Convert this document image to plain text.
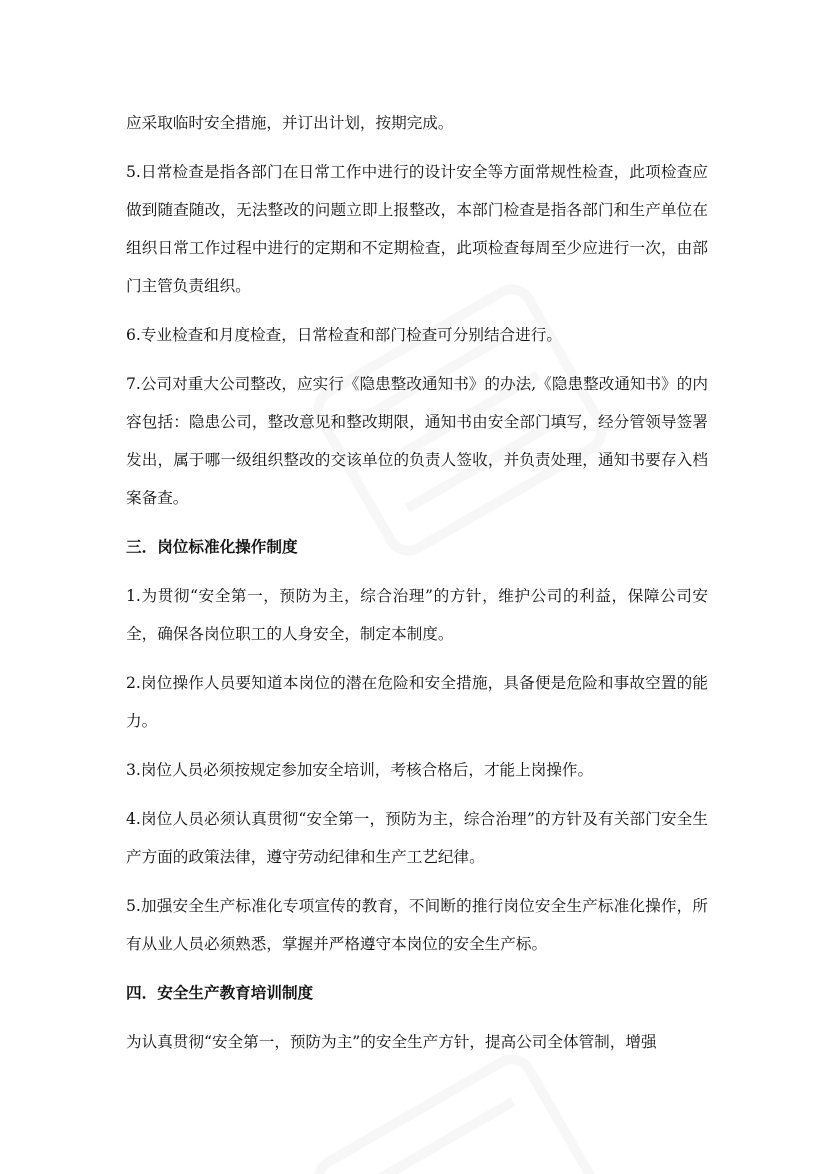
应采取临时安全措施，并订出计划，按期完成。

5.日常检查是指各部门在日常工作中进行的设计安全等方面常规性检查，此项检查应做到随查随改，无法整改的问题立即上报整改，本部门检查是指各部门和生产单位在组织日常工作过程中进行的定期和不定期检查，此项检查每周至少应进行一次，由部门主管负责组织。

6.专业检查和月度检查，日常检查和部门检查可分别结合进行。

7.公司对重大公司整改，应实行《隐患整改通知书》的办法,《隐患整改通知书》的内容包括：隐患公司，整改意见和整改期限，通知书由安全部门填写，经分管领导签署发出，属于哪一级组织整改的交该单位的负责人签收，并负责处理，通知书要存入档案备查。

三．岗位标准化操作制度

1.为贯彻“安全第一，预防为主，综合治理”的方针，维护公司的利益，保障公司安全，确保各岗位职工的人身安全，制定本制度。

2.岗位操作人员要知道本岗位的潜在危险和安全措施，具备便是危险和事故空置的能力。

3.岗位人员必须按规定参加安全培训，考核合格后，才能上岗操作。

4.岗位人员必须认真贯彻“安全第一，预防为主，综合治理”的方针及有关部门安全生产方面的政策法律，遵守劳动纪律和生产工艺纪律。

5.加强安全生产标准化专项宣传的教育，不间断的推行岗位安全生产标准化操作，所有从业人员必须熟悉，掌握并严格遵守本岗位的安全生产标。

四．安全生产教育培训制度

为认真贯彻“安全第一，预防为主”的安全生产方针，提高公司全体管制，增强
